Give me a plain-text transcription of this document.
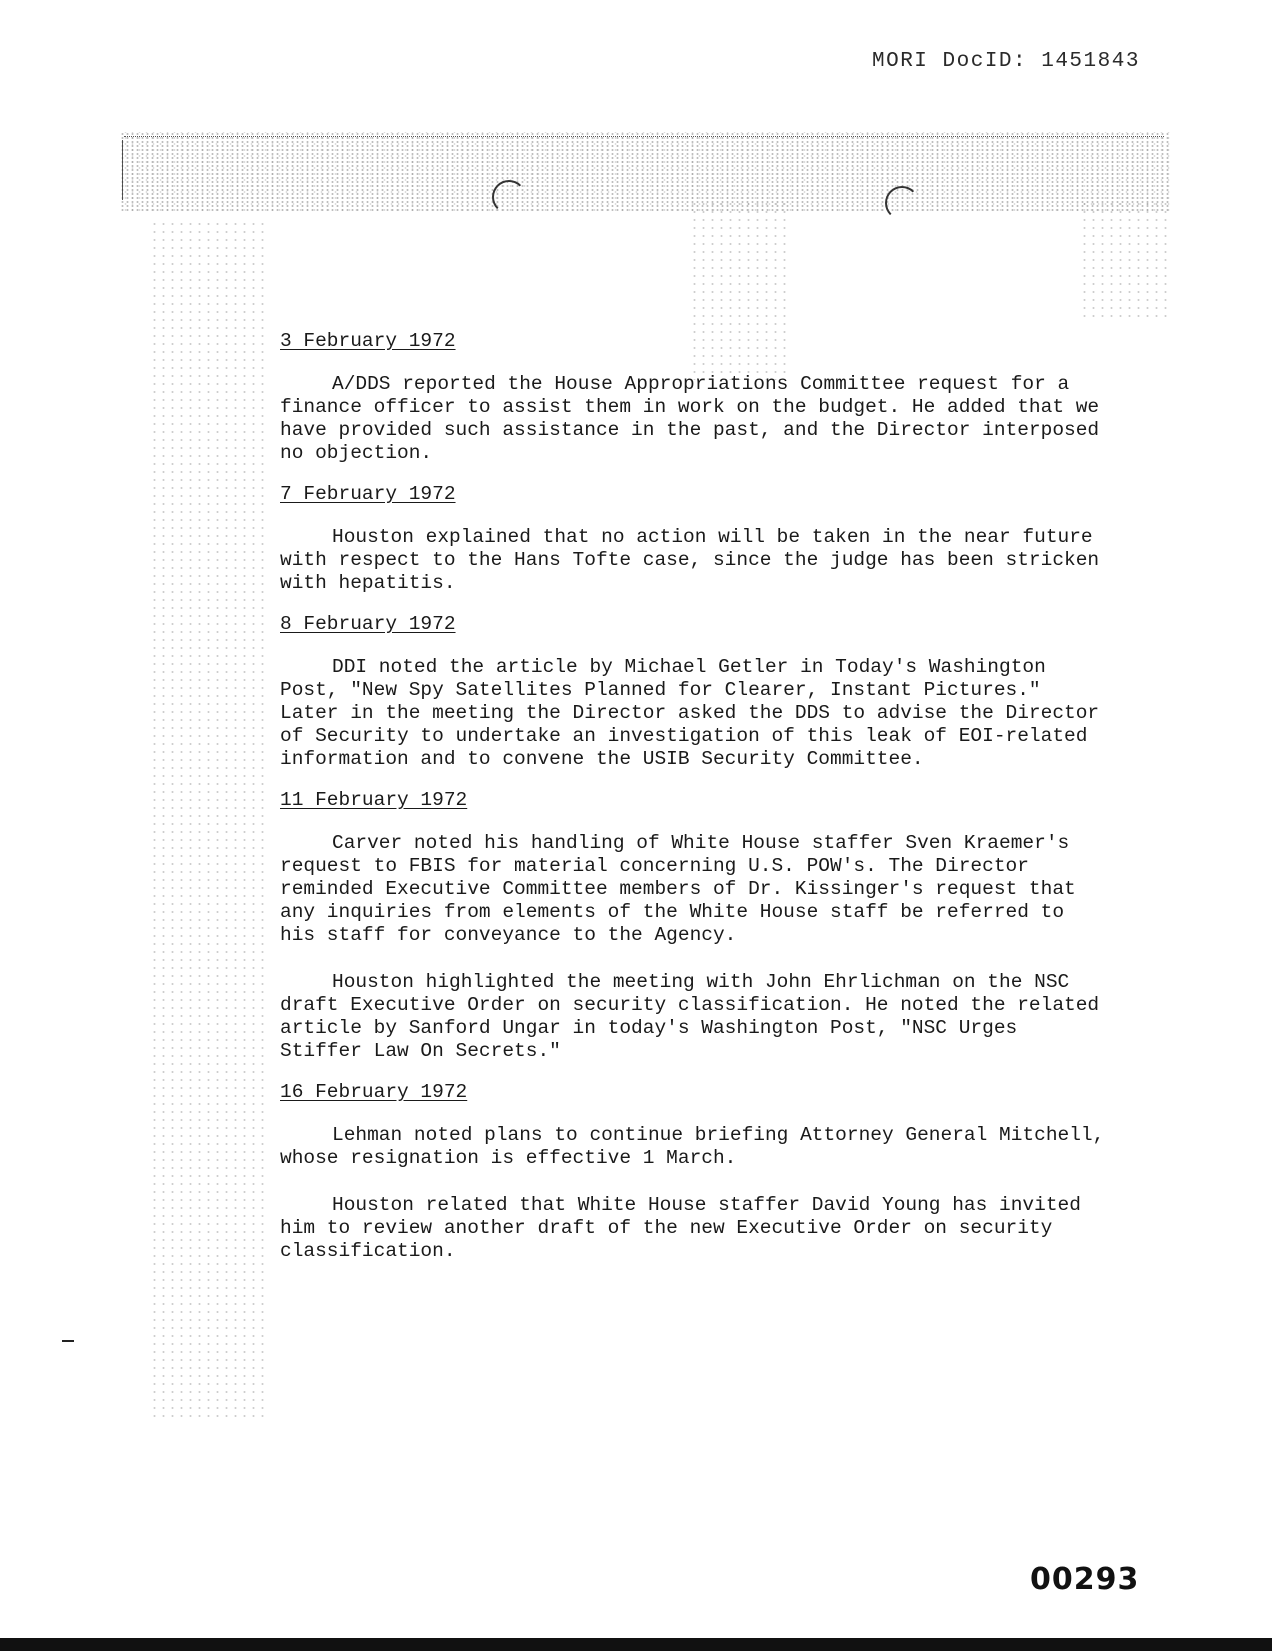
MORI DocID: 1451843
3 February 1972

A/DDS reported the House Appropriations Committee request for a finance officer to assist them in work on the budget. He added that we have provided such assistance in the past, and the Director interposed no objection.

7 February 1972

Houston explained that no action will be taken in the near future with respect to the Hans Tofte case, since the judge has been stricken with hepatitis.

8 February 1972

DDI noted the article by Michael Getler in Today's Washington Post, "New Spy Satellites Planned for Clearer, Instant Pictures." Later in the meeting the Director asked the DDS to advise the Director of Security to undertake an investigation of this leak of EOI-related information and to convene the USIB Security Committee.

11 February 1972

Carver noted his handling of White House staffer Sven Kraemer's request to FBIS for material concerning U.S. POW's. The Director reminded Executive Committee members of Dr. Kissinger's request that any inquiries from elements of the White House staff be referred to his staff for conveyance to the Agency.

Houston highlighted the meeting with John Ehrlichman on the NSC draft Executive Order on security classification. He noted the related article by Sanford Ungar in today's Washington Post, "NSC Urges Stiffer Law On Secrets."

16 February 1972

Lehman noted plans to continue briefing Attorney General Mitchell, whose resignation is effective 1 March.

Houston related that White House staffer David Young has invited him to review another draft of the new Executive Order on security classification.

00293
